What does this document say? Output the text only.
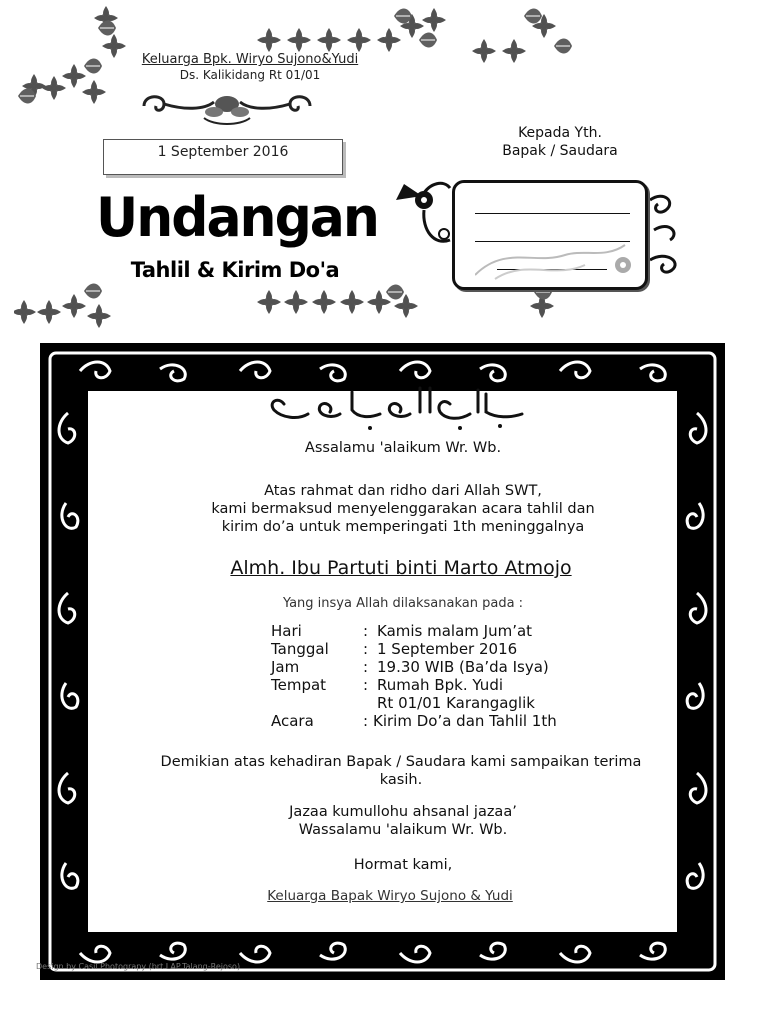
Keluarga Bpk. Wiryo Sujono&Yudi
Ds. Kalikidang Rt 01/01
1 September 2016
Undangan
Tahlil & Kirim Do'a
Kepada Yth.
Bapak / Saudara
Assalamu 'alaikum Wr. Wb.
Atas rahmat dan ridho dari Allah SWT,
kami bermaksud menyelenggarakan acara tahlil dan
kirim do’a untuk memperingati 1th meninggalnya
Almh. Ibu Partuti binti Marto Atmojo
Yang insya Allah dilaksanakan pada :
Hari	: Kamis malam Jum’at
Tanggal	: 1 September 2016
Jam	: 19.30 WIB (Ba’da Isya)
Tempat	: Rumah Bpk. Yudi
Rt 01/01 Karangaglik
Acara	: Kirim Do’a dan Tahlil 1th
Demikian atas kehadiran Bapak / Saudara kami sampaikan terima
kasih.
Jazaa kumullohu ahsanal jazaa’
Wassalamu 'alaikum Wr. Wb.
Hormat kami,
Keluarga Bapak Wiryo Sujono & Yudi
Design by Casil Photograpy (brt.LAP.Talang-Rejoso)
